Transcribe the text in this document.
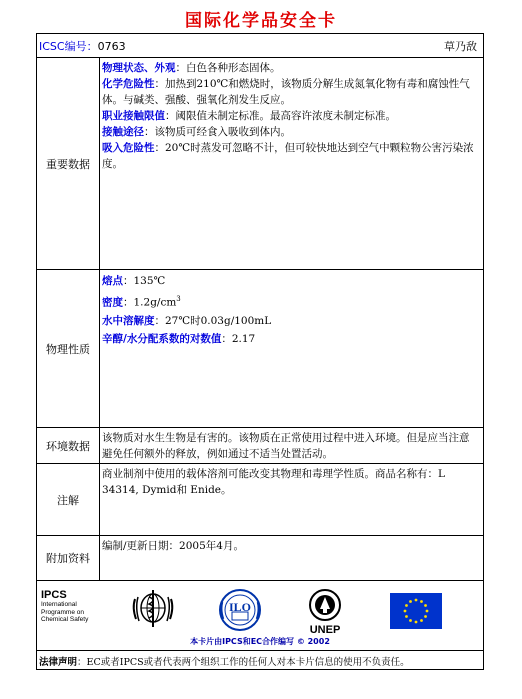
国际化学品安全卡
ICSC编号：0763	草乃敌
重要数据

物理状态、外观：白色各种形态固体。

化学危险性：加热到210℃和燃烧时，该物质分解生成氮氧化物有毒和腐蚀性气体。与碱类、强酸、强氧化剂发生反应。

职业接触限值：阈限值未制定标准。最高容许浓度未制定标准。

接触途径：该物质可经食入吸收到体内。

吸入危险性：20℃时蒸发可忽略不计，但可较快地达到空气中颗粒物公害污染浓度。

物理性质

熔点：135℃

密度：$1.2g/cm^3$

水中溶解度：27℃时0.03g/100mL

辛醇/水分配系数的对数值：2.17

环境数据
该物质对水生生物是有害的。该物质在正常使用过程中进入环境。但是应当注意避免任何额外的释放，例如通过不适当处置活动。
注解
商业制剂中使用的载体溶剂可能改变其物理和毒理学性质。商品名称有：L 34314, Dymid和 Enide。
附加资料
编制/更新日期：2005年4月。
IPCS
International
Programme on
Chemical Safety
ILO
UNEP
本卡片由IPCS和EC合作编写 © 2002
法律声明：EC或者IPCS或者代表两个组织工作的任何人对本卡片信息的使用不负责任。
